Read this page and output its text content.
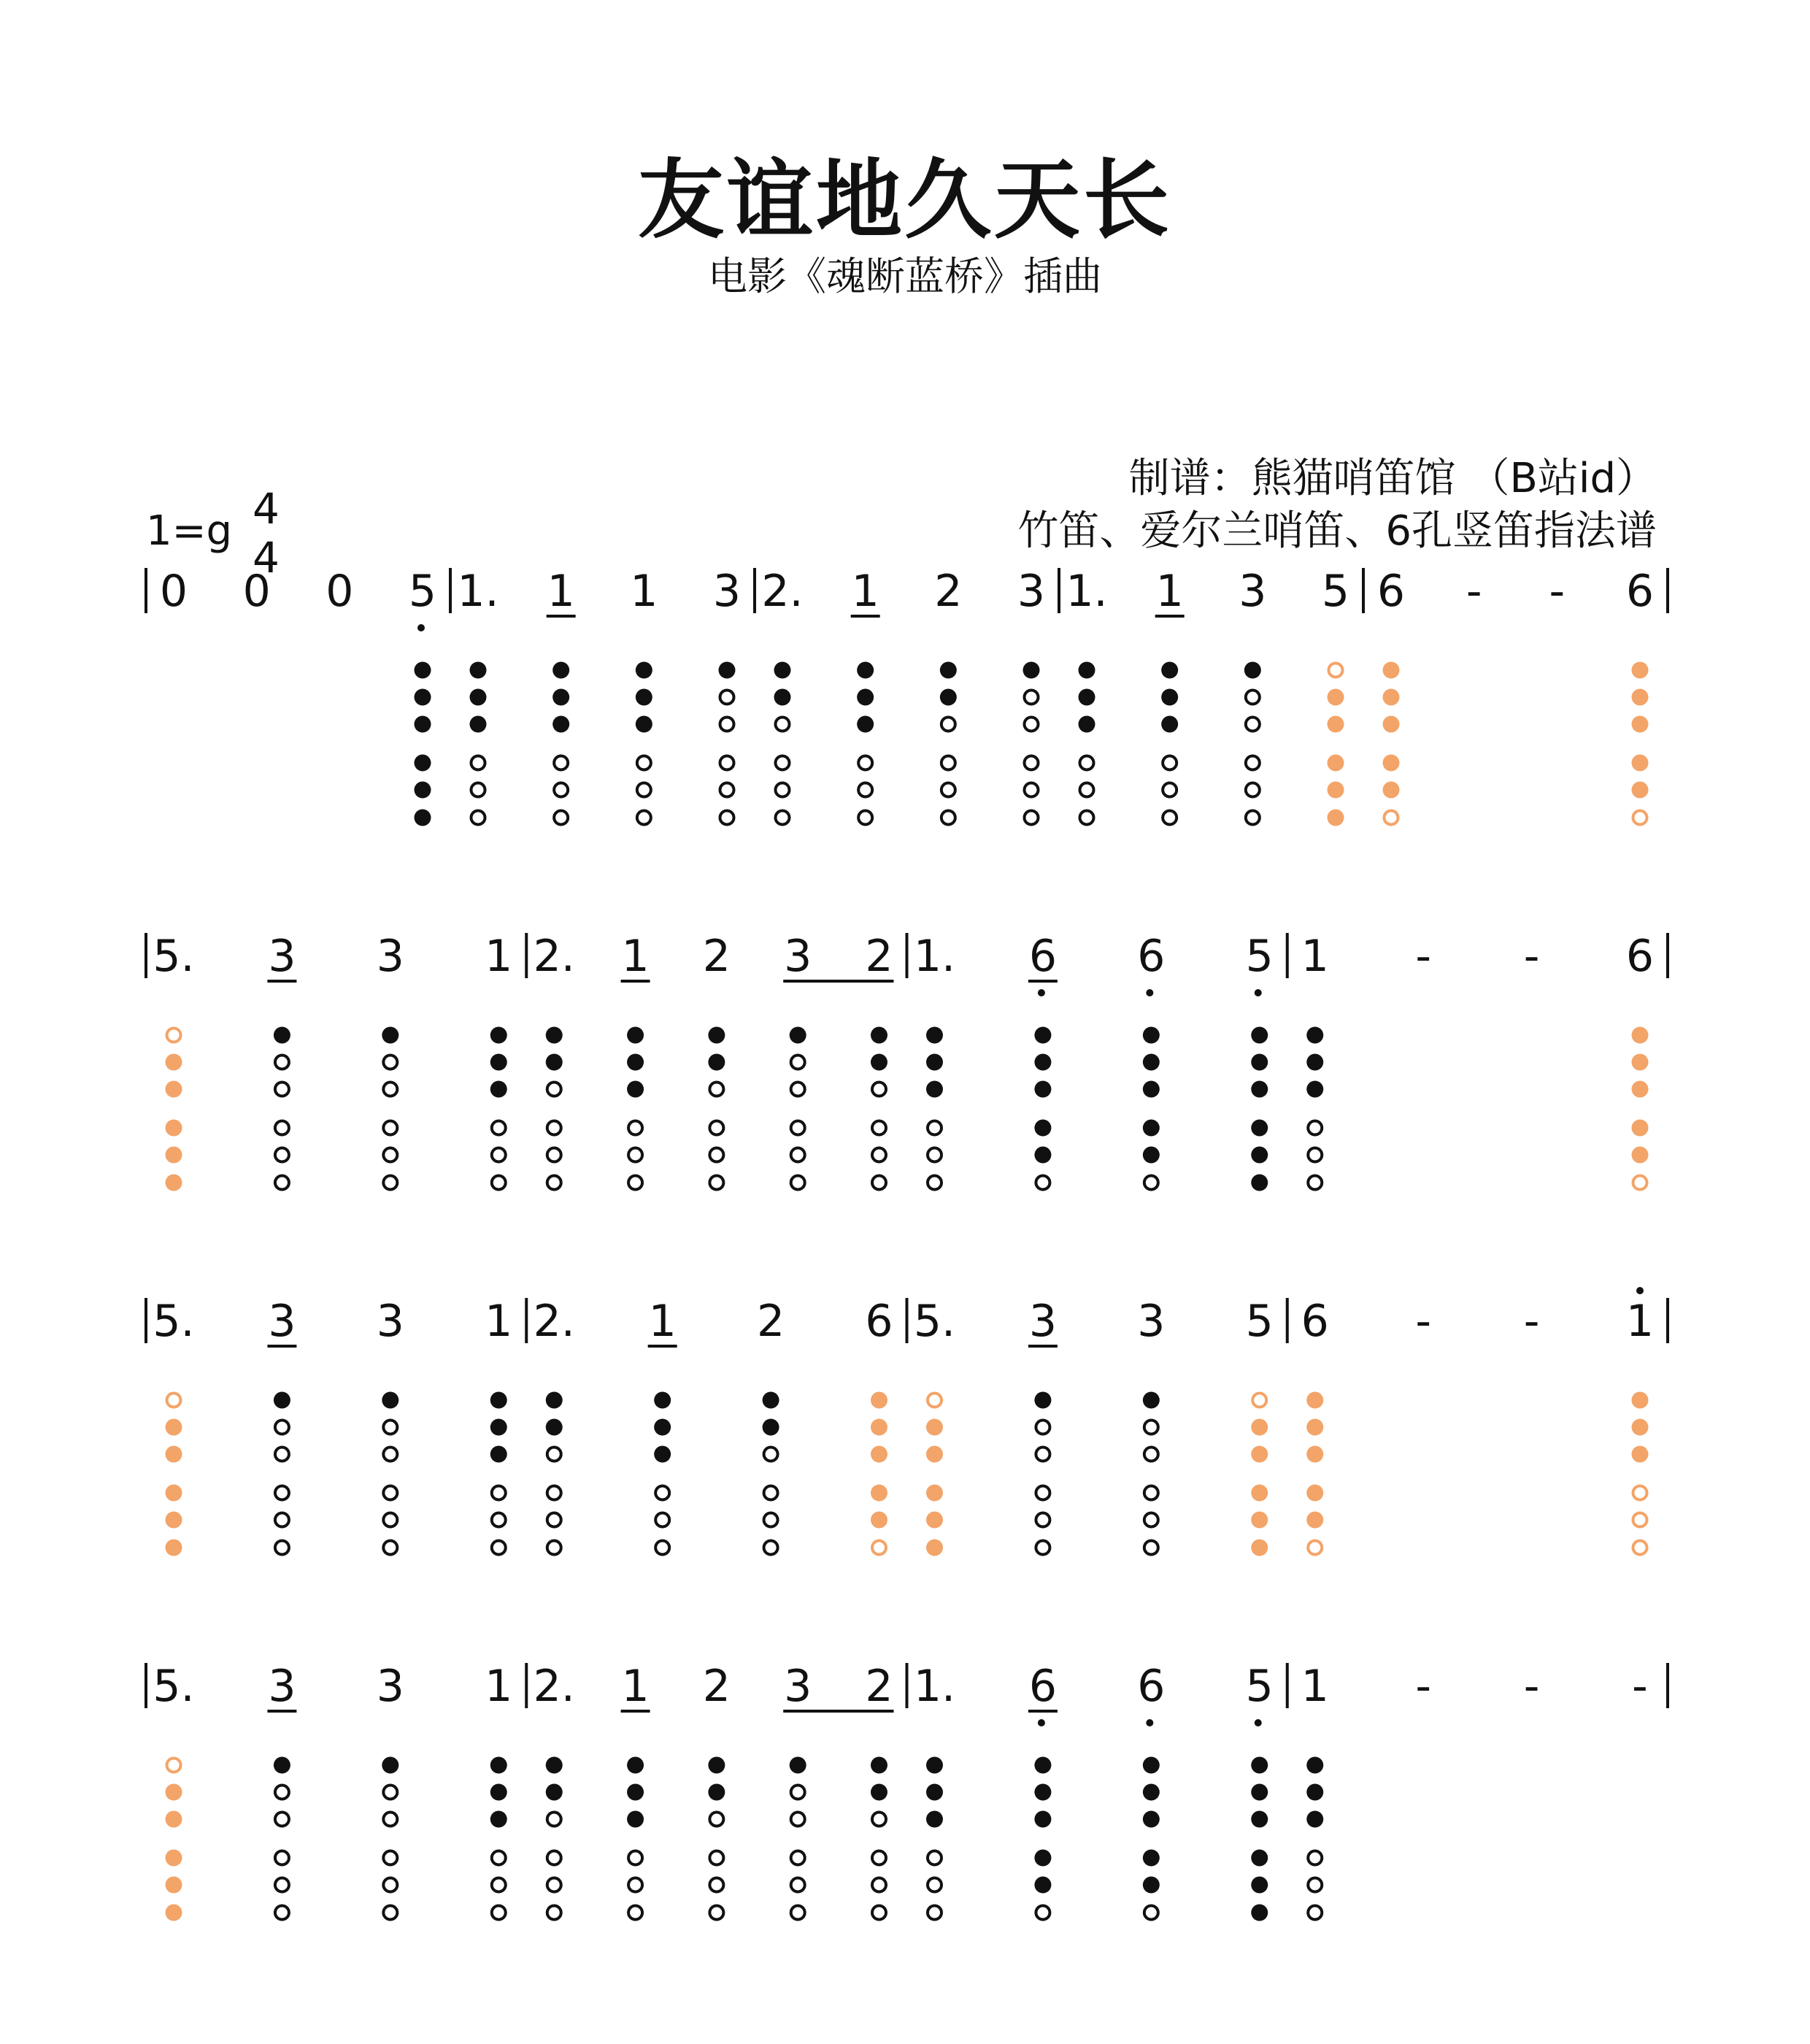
友谊地久天长
电影《魂断蓝桥》插曲
制谱：熊猫哨笛馆 （B站id）
竹笛、爱尔兰哨笛、6孔竖笛指法谱
1=g 4
4
0 0 0 5 1. 1 1 3 2. 1 2 3 1. 1 3 5 6 - - 6
5. 3 3 1 2. 1 2 3 2 1. 6 6 5 1 - - 6
5. 3 3 1 2. 1 2 6 5. 3 3 5 6 - - 1
5. 3 3 1 2. 1 2 3 2 1. 6 6 5 1 - - -
